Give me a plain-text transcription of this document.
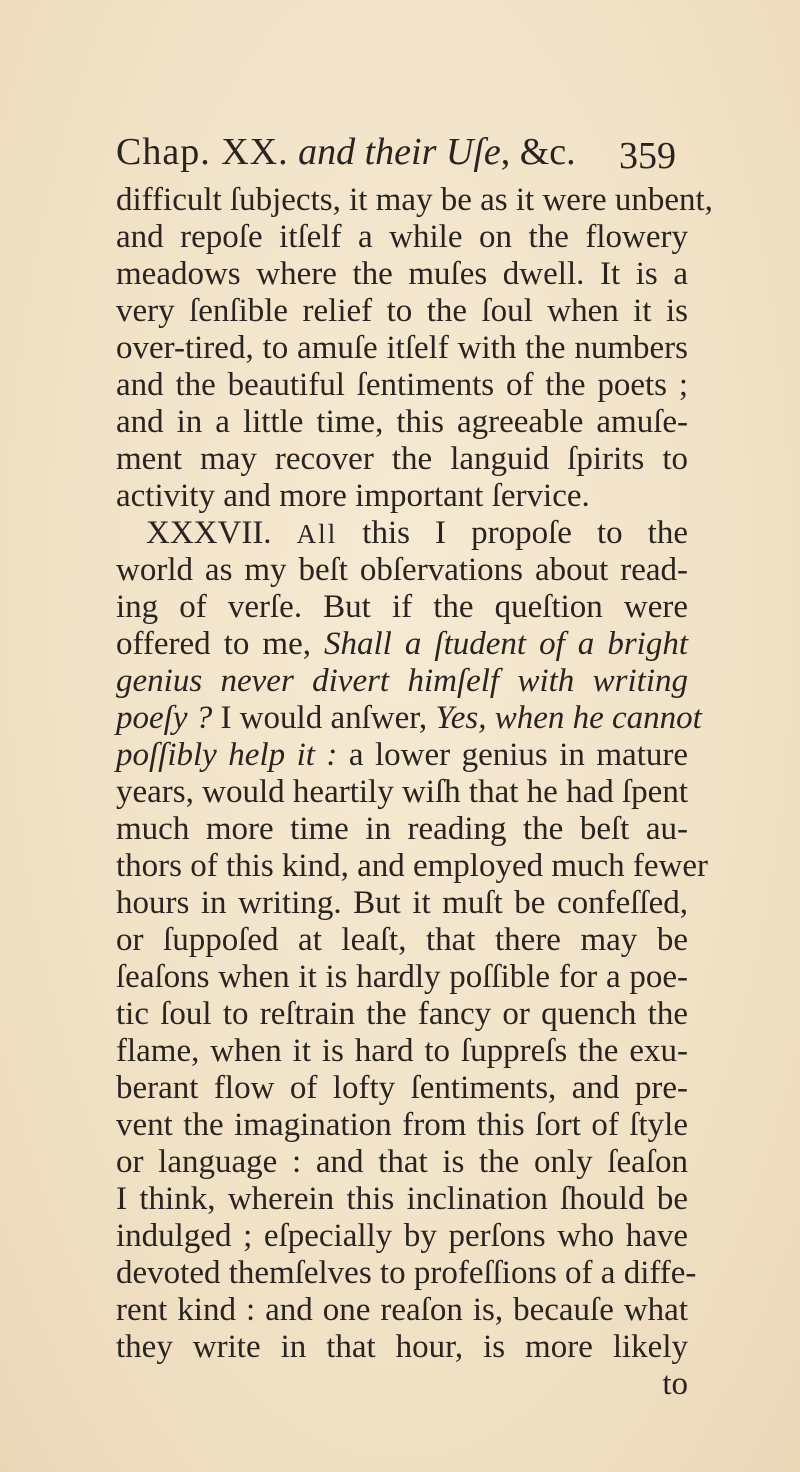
Chap. XX. and their Uſe, &c.	359
difficult ſubjects, it may be as it were unbent,
and repoſe itſelf a while on the flowery
meadows where the muſes dwell. It is a
very ſenſible relief to the ſoul when it is
over-tired, to amuſe itſelf with the numbers
and the beautiful ſentiments of the poets ;
and in a little time, this agreeable amuſe-
ment may recover the languid ſpirits to
activity and more important ſervice.
XXXVII. All this I propoſe to the
world as my beſt obſervations about read-
ing of verſe. But if the queſtion were
offered to me, Shall a ſtudent of a bright
genius never divert himſelf with writing
poeſy ? I would anſwer, Yes, when he cannot
poſſibly help it : a lower genius in mature
years, would heartily wiſh that he had ſpent
much more time in reading the beſt au-
thors of this kind, and employed much fewer
hours in writing. But it muſt be confeſſed,
or ſuppoſed at leaſt, that there may be
ſeaſons when it is hardly poſſible for a poe-
tic ſoul to reſtrain the fancy or quench the
flame, when it is hard to ſuppreſs the exu-
berant flow of lofty ſentiments, and pre-
vent the imagination from this ſort of ſtyle
or language : and that is the only ſeaſon
I think, wherein this inclination ſhould be
indulged ; eſpecially by perſons who have
devoted themſelves to profeſſions of a diffe-
rent kind : and one reaſon is, becauſe what
they write in that hour, is more likely
to
